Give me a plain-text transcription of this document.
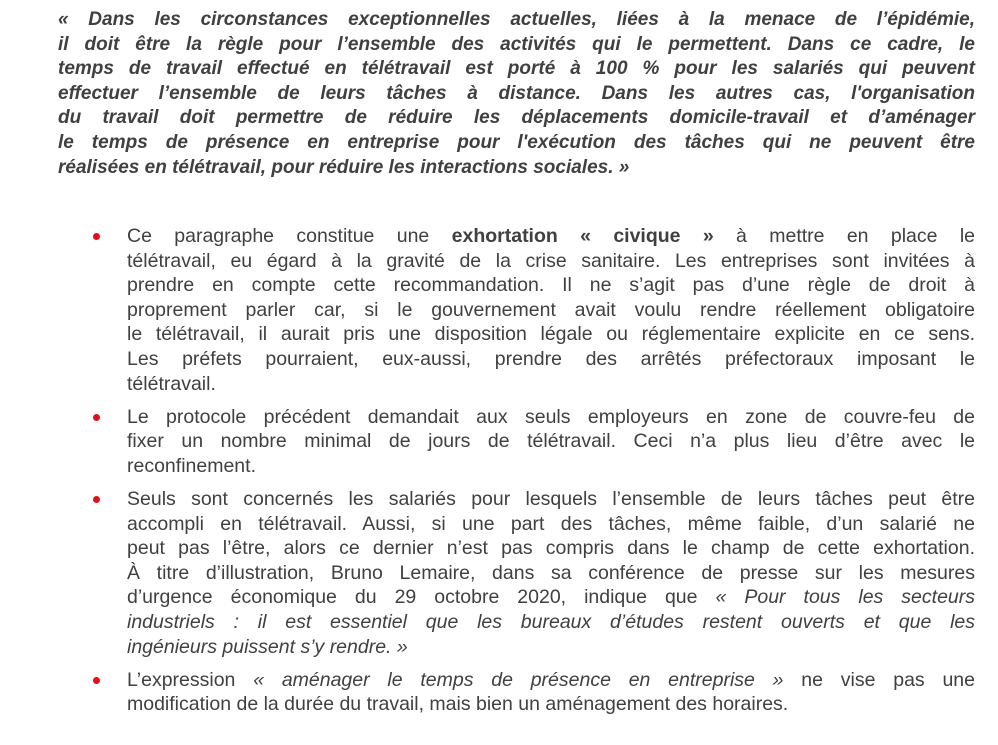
« Dans les circonstances exceptionnelles actuelles, liées à la menace de l’épidémie,
il doit être la règle pour l’ensemble des activités qui le permettent. Dans ce cadre, le
temps de travail effectué en télétravail est porté à 100 % pour les salariés qui peuvent
effectuer l’ensemble de leurs tâches à distance. Dans les autres cas, l'organisation
du travail doit permettre de réduire les déplacements domicile-travail et d’aménager
le temps de présence en entreprise pour l'exécution des tâches qui ne peuvent être
réalisées en télétravail, pour réduire les interactions sociales. »
Ce paragraphe constitue une exhortation « civique » à mettre en place le
télétravail, eu égard à la gravité de la crise sanitaire. Les entreprises sont invitées à
prendre en compte cette recommandation. Il ne s’agit pas d’une règle de droit à
proprement parler car, si le gouvernement avait voulu rendre réellement obligatoire
le télétravail, il aurait pris une disposition légale ou réglementaire explicite en ce sens.
Les préfets pourraient, eux-aussi, prendre des arrêtés préfectoraux imposant le
télétravail.
Le protocole précédent demandait aux seuls employeurs en zone de couvre-feu de
fixer un nombre minimal de jours de télétravail. Ceci n’a plus lieu d’être avec le
reconfinement.
Seuls sont concernés les salariés pour lesquels l’ensemble de leurs tâches peut être
accompli en télétravail. Aussi, si une part des tâches, même faible, d’un salarié ne
peut pas l’être, alors ce dernier n’est pas compris dans le champ de cette exhortation.
À titre d’illustration, Bruno Lemaire, dans sa conférence de presse sur les mesures
d’urgence économique du 29 octobre 2020, indique que « Pour tous les secteurs
industriels : il est essentiel que les bureaux d’études restent ouverts et que les
ingénieurs puissent s’y rendre. »
L’expression « aménager le temps de présence en entreprise » ne vise pas une
modification de la durée du travail, mais bien un aménagement des horaires.
